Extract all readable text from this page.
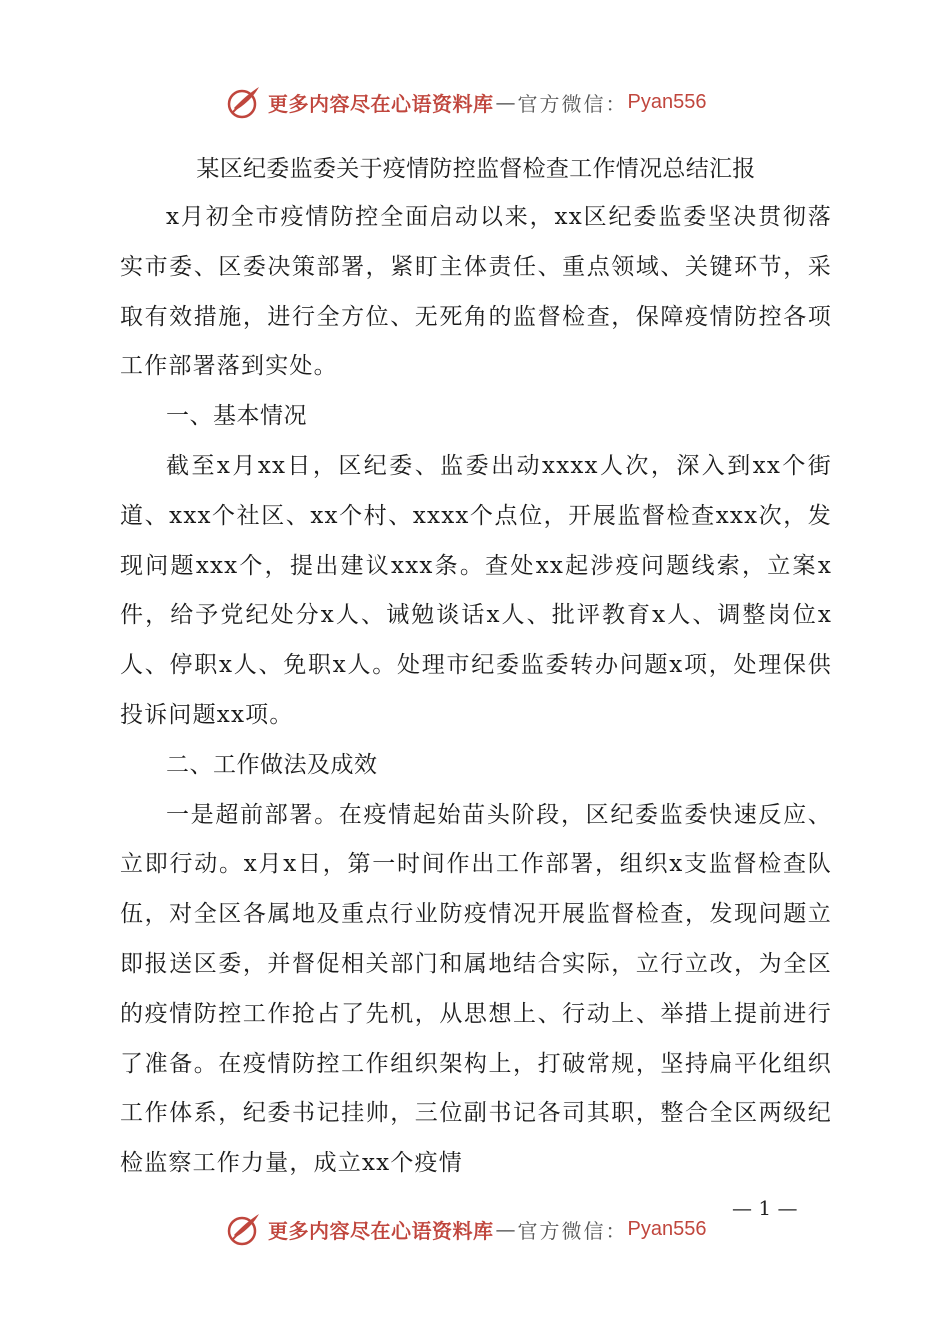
更多内容尽在心语资料库 — 官方微信： Pyan556

某区纪委监委关于疫情防控监督检查工作情况总结汇报

x月初全市疫情防控全面启动以来，xx区纪委监委坚决贯彻落实市委、区委决策部署，紧盯主体责任、重点领域、关键环节，采取有效措施，进行全方位、无死角的监督检查，保障疫情防控各项工作部署落到实处。

一、基本情况

截至x月xx日，区纪委、监委出动xxxx人次，深入到xx个街道、xxx个社区、xx个村、xxxx个点位，开展监督检查xxx次，发现问题xxx个，提出建议xxx条。查处xx起涉疫问题线索，立案x件，给予党纪处分x人、诫勉谈话x人、批评教育x人、调整岗位x人、停职x人、免职x人。处理市纪委监委转办问题x项，处理保供投诉问题xx项。

二、工作做法及成效

一是超前部署。在疫情起始苗头阶段，区纪委监委快速反应、立即行动。x月x日，第一时间作出工作部署，组织x支监督检查队伍，对全区各属地及重点行业防疫情况开展监督检查，发现问题立即报送区委，并督促相关部门和属地结合实际，立行立改，为全区的疫情防控工作抢占了先机，从思想上、行动上、举措上提前进行了准备。在疫情防控工作组织架构上，打破常规，坚持扁平化组织工作体系，纪委书记挂帅，三位副书记各司其职，整合全区两级纪检监察工作力量，成立xx个疫情

— 1 —
更多内容尽在心语资料库 — 官方微信： Pyan556
